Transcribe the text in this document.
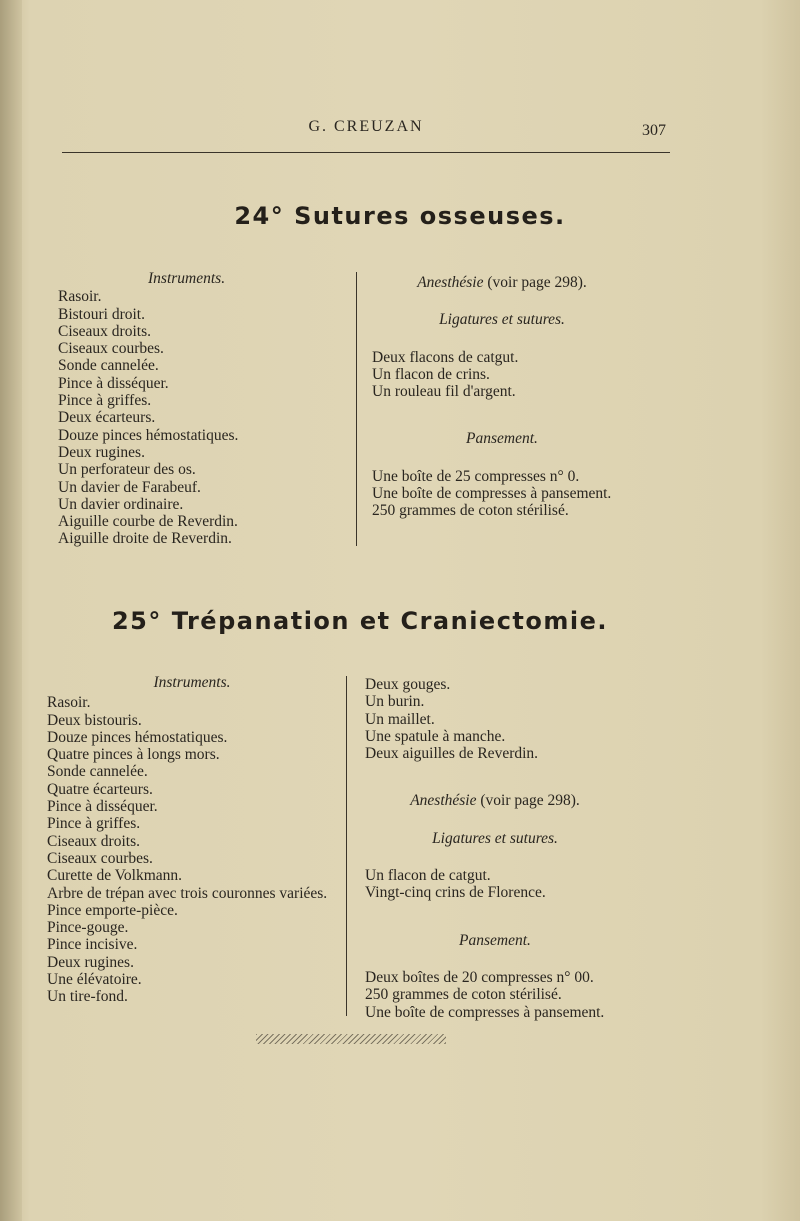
G. CREUZAN	307
24° Sutures osseuses.
Instruments.
Rasoir.
Bistouri droit.
Ciseaux droits.
Ciseaux courbes.
Sonde cannelée.
Pince à disséquer.
Pince à griffes.
Deux écarteurs.
Douze pinces hémostatiques.
Deux rugines.
Un perforateur des os.
Un davier de Farabeuf.
Un davier ordinaire.
Aiguille courbe de Reverdin.
Aiguille droite de Reverdin.
Anesthésie (voir page 298).
Ligatures et sutures.
Deux flacons de catgut.
Un flacon de crins.
Un rouleau fil d'argent.
Pansement.
Une boîte de 25 compresses n° 0.
Une boîte de compresses à pansement.
250 grammes de coton stérilisé.
25° Trépanation et Craniectomie.
Instruments.
Rasoir.
Deux bistouris.
Douze pinces hémostatiques.
Quatre pinces à longs mors.
Sonde cannelée.
Quatre écarteurs.
Pince à disséquer.
Pince à griffes.
Ciseaux droits.
Ciseaux courbes.
Curette de Volkmann.
Arbre de trépan avec trois couronnes variées.
Pince emporte-pièce.
Pince-gouge.
Pince incisive.
Deux rugines.
Une élévatoire.
Un tire-fond.
Deux gouges.
Un burin.
Un maillet.
Une spatule à manche.
Deux aiguilles de Reverdin.
Anesthésie (voir page 298).
Ligatures et sutures.
Un flacon de catgut.
Vingt-cinq crins de Florence.
Pansement.
Deux boîtes de 20 compresses n° 00.
250 grammes de coton stérilisé.
Une boîte de compresses à pansement.
